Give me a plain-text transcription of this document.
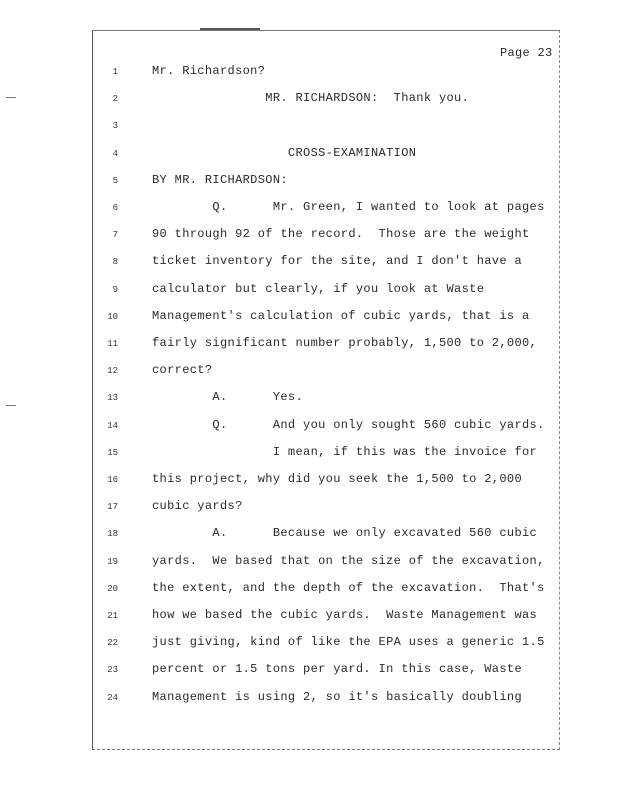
Page 23
1	Mr. Richardson?
2	MR. RICHARDSON:  Thank you.
3
4	CROSS-EXAMINATION
5	BY MR. RICHARDSON:
6	Q.      Mr. Green, I wanted to look at pages
7	90 through 92 of the record.  Those are the weight
8	ticket inventory for the site, and I don't have a
9	calculator but clearly, if you look at Waste
10	Management's calculation of cubic yards, that is a
11	fairly significant number probably, 1,500 to 2,000,
12	correct?
13	A.      Yes.
14	Q.      And you only sought 560 cubic yards.
15	I mean, if this was the invoice for
16	this project, why did you seek the 1,500 to 2,000
17	cubic yards?
18	A.      Because we only excavated 560 cubic
19	yards.  We based that on the size of the excavation,
20	the extent, and the depth of the excavation.  That's
21	how we based the cubic yards.  Waste Management was
22	just giving, kind of like the EPA uses a generic 1.5
23	percent or 1.5 tons per yard. In this case, Waste
24	Management is using 2, so it's basically doubling
